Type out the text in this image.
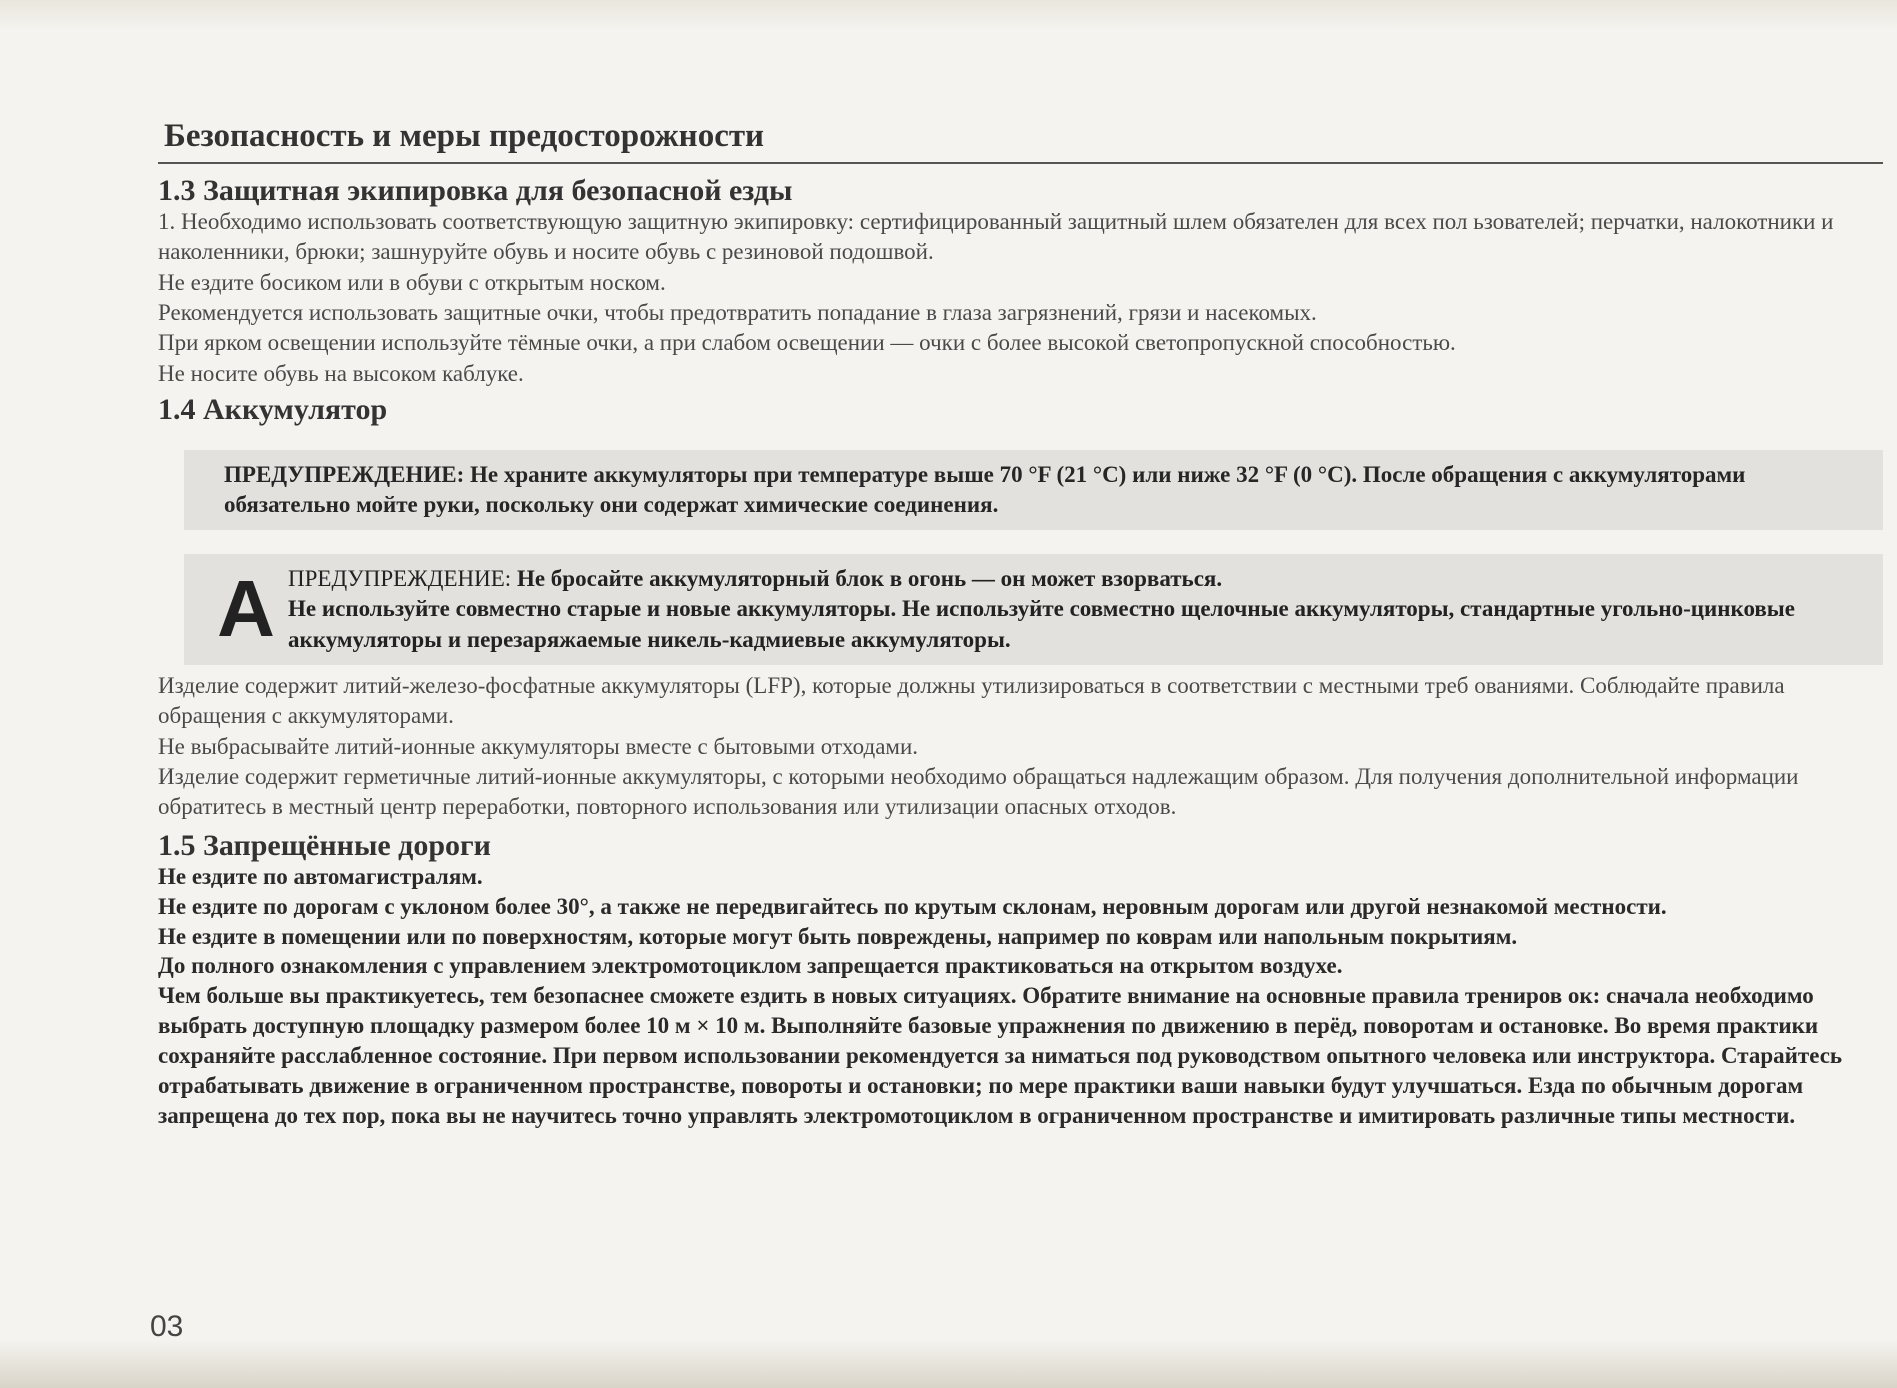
Безопасность и меры предосторожности
1.3 Защитная экипировка для безопасной езды

1. Необходимо использовать соответствующую защитную экипировку: сертифицированный защитный шлем обязателен для всех пол ьзователей; перчатки, налокотники и наколенники, брюки; зашнуруйте обувь и носите обувь с резиновой подошвой.

Не ездите босиком или в обуви с открытым носком.

Рекомендуется использовать защитные очки, чтобы предотвратить попадание в глаза загрязнений, грязи и насекомых.

При ярком освещении используйте тёмные очки, а при слабом освещении — очки с более высокой светопропускной способностью.

Не носите обувь на высоком каблуке.

1.4 Аккумулятор

ПРЕДУПРЕЖДЕНИЕ: Не храните аккумуляторы при температуре выше 70 °F (21 °C) или ниже 32 °F (0 °C). После обращения с аккумуляторами обязательно мойте руки, поскольку они содержат химические соединения.

A ПРЕДУПРЕЖДЕНИЕ: Не бросайте аккумуляторный блок в огонь — он может взорваться.

Не используйте совместно старые и новые аккумуляторы. Не используйте совместно щелочные аккумуляторы, стандартные угольно-цинковые аккумуляторы и перезаряжаемые никель-кадмиевые аккумуляторы.

Изделие содержит литий-железо-фосфатные аккумуляторы (LFP), которые должны утилизироваться в соответствии с местными треб ованиями. Соблюдайте правила обращения с аккумуляторами.

Не выбрасывайте литий-ионные аккумуляторы вместе с бытовыми отходами.

Изделие содержит герметичные литий-ионные аккумуляторы, с которыми необходимо обращаться надлежащим образом. Для получения дополнительной информации обратитесь в местный центр переработки, повторного использования или утилизации опасных отходов.

1.5 Запрещённые дороги

Не ездите по автомагистралям.

Не ездите по дорогам с уклоном более 30°, а также не передвигайтесь по крутым склонам, неровным дорогам или другой незнакомой местности.

Не ездите в помещении или по поверхностям, которые могут быть повреждены, например по коврам или напольным покрытиям.

До полного ознакомления с управлением электромотоциклом запрещается практиковаться на открытом воздухе.

Чем больше вы практикуетесь, тем безопаснее сможете ездить в новых ситуациях. Обратите внимание на основные правила трениров ок: сначала необходимо выбрать доступную площадку размером более 10 м × 10 м. Выполняйте базовые упражнения по движению в перёд, поворотам и остановке. Во время практики сохраняйте расслабленное состояние. При первом использовании рекомендуется за ниматься под руководством опытного человека или инструктора. Старайтесь отрабатывать движение в ограниченном пространстве, повороты и остановки; по мере практики ваши навыки будут улучшаться. Езда по обычным дорогам запрещена до тех пор, пока вы не научитесь точно управлять электромотоциклом в ограниченном пространстве и имитировать различные типы местности.

03
